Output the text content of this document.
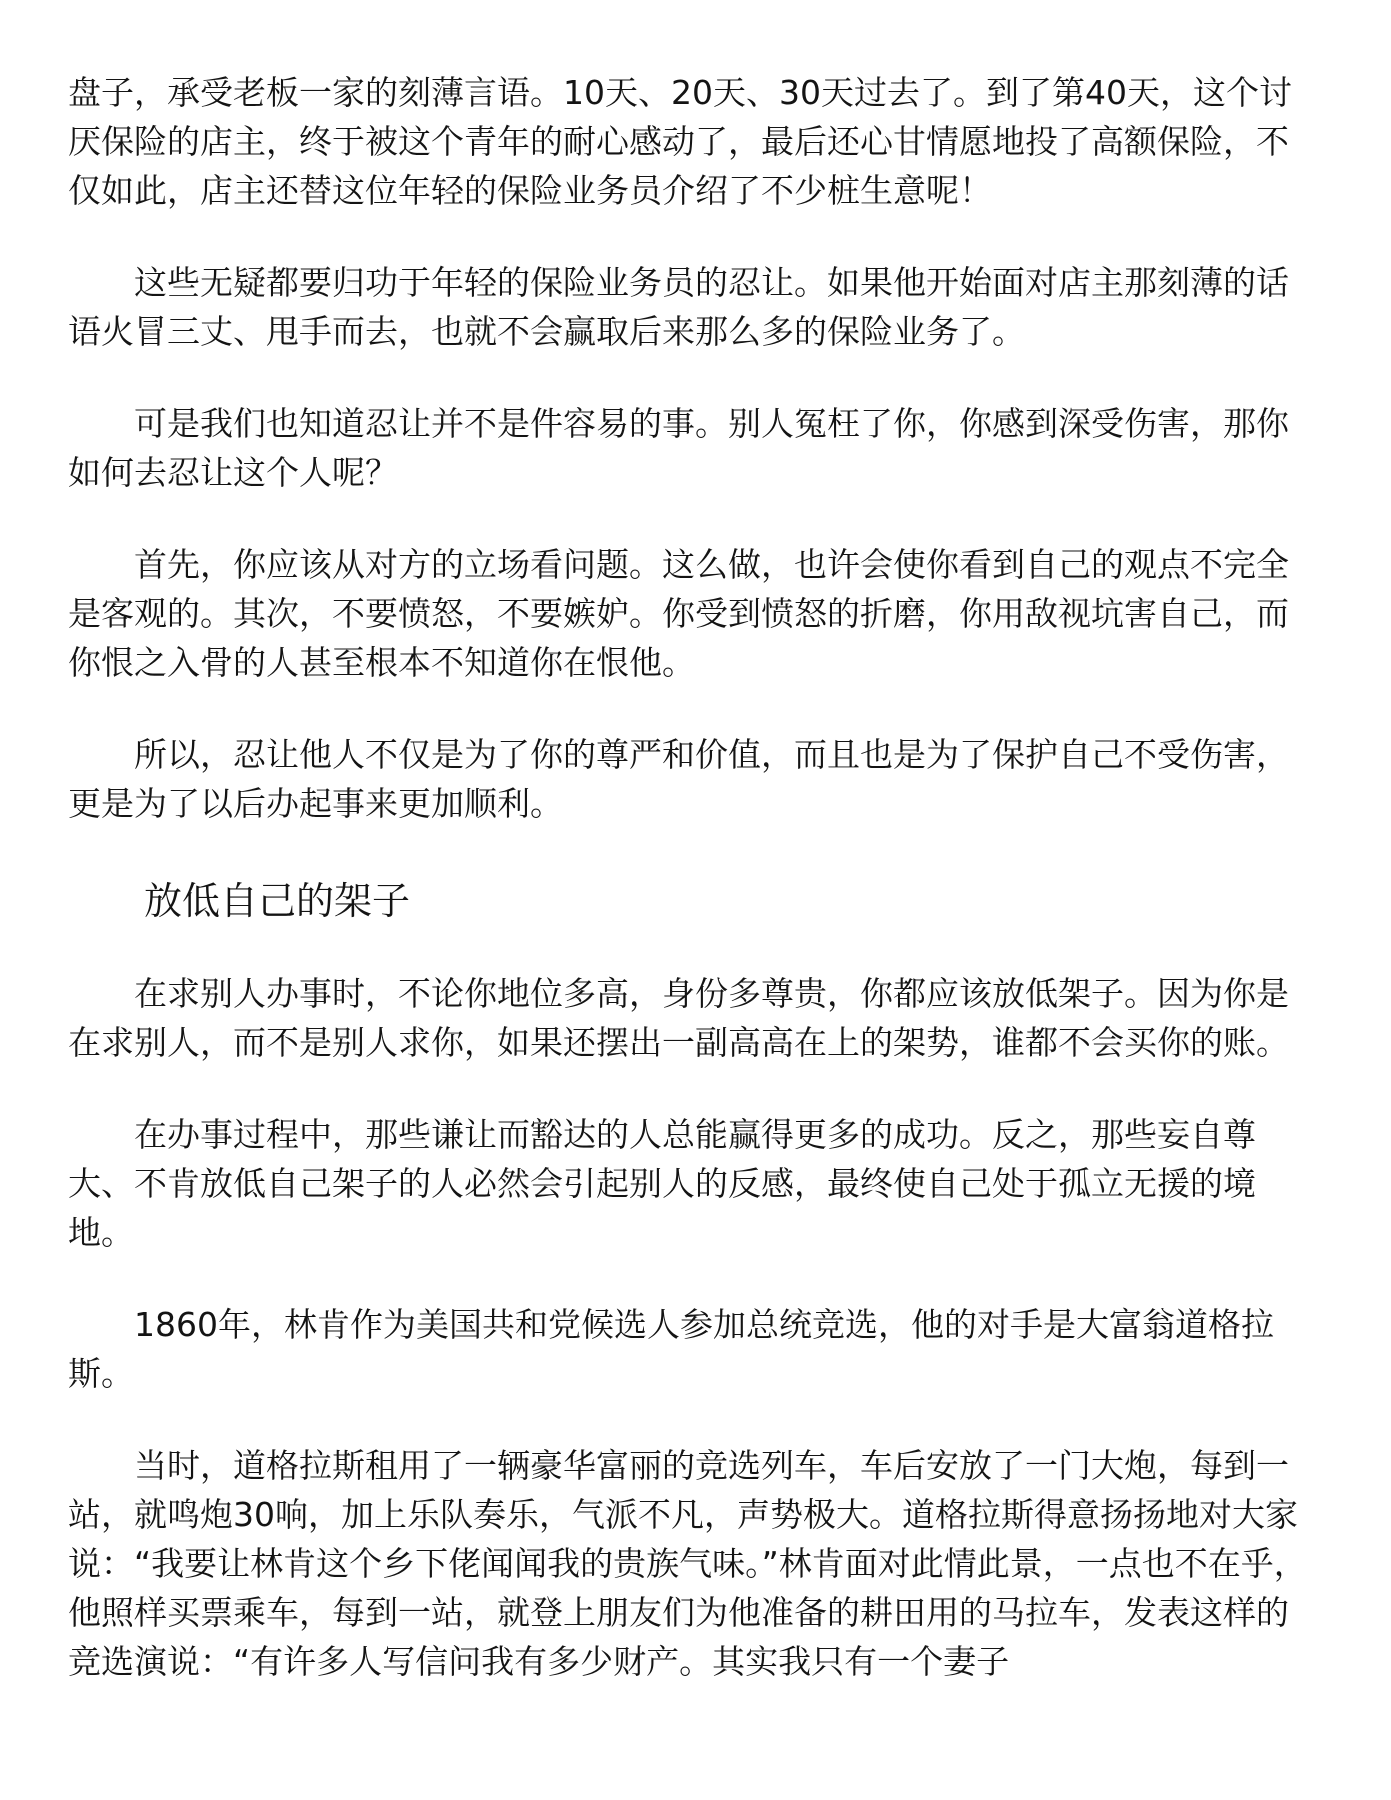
盘子，承受老板一家的刻薄言语。10天、20天、30天过去了。到了第40天，这个讨厌保险的店主，终于被这个青年的耐心感动了，最后还心甘情愿地投了高额保险，不仅如此，店主还替这位年轻的保险业务员介绍了不少桩生意呢！

这些无疑都要归功于年轻的保险业务员的忍让。如果他开始面对店主那刻薄的话语火冒三丈、甩手而去，也就不会赢取后来那么多的保险业务了。

可是我们也知道忍让并不是件容易的事。别人冤枉了你，你感到深受伤害，那你如何去忍让这个人呢？

首先，你应该从对方的立场看问题。这么做，也许会使你看到自己的观点不完全是客观的。其次，不要愤怒，不要嫉妒。你受到愤怒的折磨，你用敌视坑害自己，而你恨之入骨的人甚至根本不知道你在恨他。

所以，忍让他人不仅是为了你的尊严和价值，而且也是为了保护自己不受伤害，更是为了以后办起事来更加顺利。

放低自己的架子

在求别人办事时，不论你地位多高，身份多尊贵，你都应该放低架子。因为你是在求别人，而不是别人求你，如果还摆出一副高高在上的架势，谁都不会买你的账。

在办事过程中，那些谦让而豁达的人总能赢得更多的成功。反之，那些妄自尊大、不肯放低自己架子的人必然会引起别人的反感，最终使自己处于孤立无援的境地。

1860年，林肯作为美国共和党候选人参加总统竞选，他的对手是大富翁道格拉斯。

当时，道格拉斯租用了一辆豪华富丽的竞选列车，车后安放了一门大炮，每到一站，就鸣炮30响，加上乐队奏乐，气派不凡，声势极大。道格拉斯得意扬扬地对大家说：“我要让林肯这个乡下佬闻闻我的贵族气味。”林肯面对此情此景，一点也不在乎，他照样买票乘车，每到一站，就登上朋友们为他准备的耕田用的马拉车，发表这样的竞选演说：“有许多人写信问我有多少财产。其实我只有一个妻子
